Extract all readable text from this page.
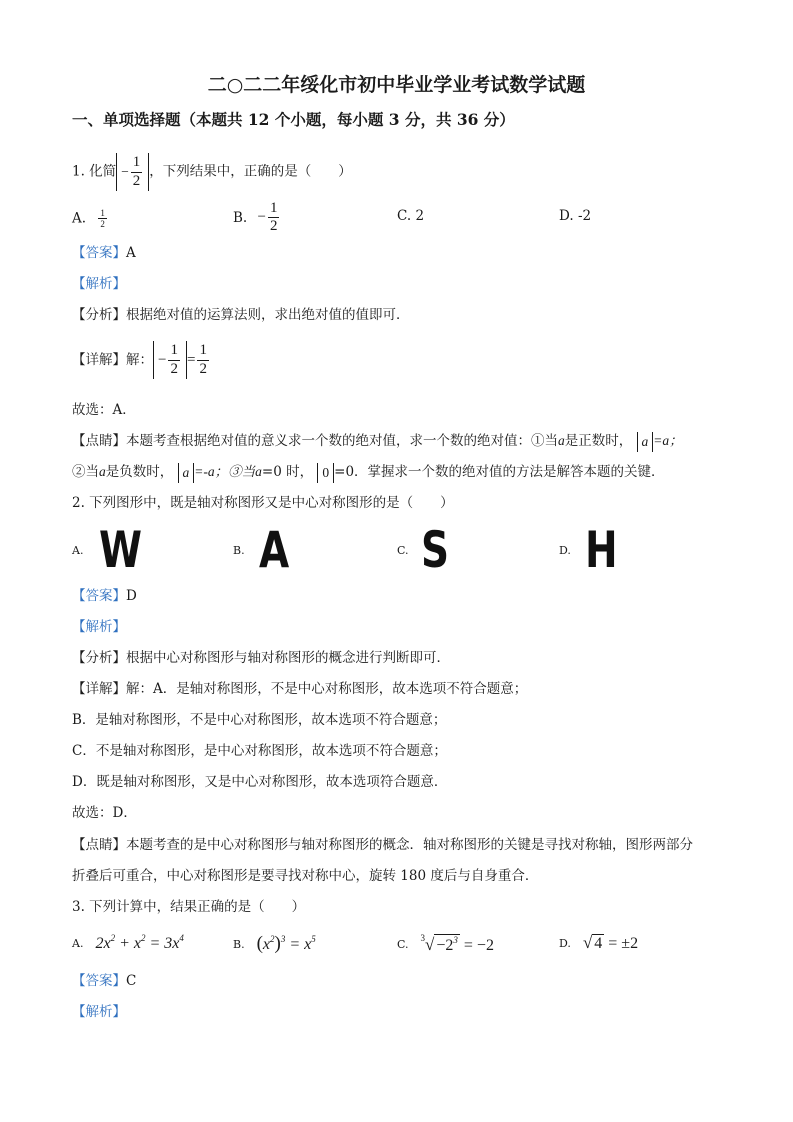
二○二二年绥化市初中毕业学业考试数学试题
一、单项选择题（本题共 12 个小题，每小题 3 分，共 36 分）
1. 化简 − $\frac{1}{2}$ ，下列结果中，正确的是（　　）
A. $\frac{1}{2}$	B. − $\frac{1}{2}$	C. 2	D. -2
【答案】A
【解析】
【分析】根据绝对值的运算法则，求出绝对值的值即可．
【详解】解： − $\frac{1}{2} = \frac{1}{2}$
故选：A．
【点睛】本题考查根据绝对值的意义求一个数的绝对值，求一个数的绝对值：①当a是正数时， a =a；
②当a是负数时， a =-a；③当a=0 时， 0 =0．掌握求一个数的绝对值的方法是解答本题的关键．
2. 下列图形中，既是轴对称图形又是中心对称图形的是（　　）
A. W	B. A	C. S	D. H
【答案】D
【解析】
【分析】根据中心对称图形与轴对称图形的概念进行判断即可．
【详解】解：A．是轴对称图形，不是中心对称图形，故本选项不符合题意；
B．是轴对称图形，不是中心对称图形，故本选项不符合题意；
C．不是轴对称图形，是中心对称图形，故本选项不符合题意；
D．既是轴对称图形，又是中心对称图形，故本选项符合题意．
故选：D．
【点睛】本题考查的是中心对称图形与轴对称图形的概念．轴对称图形的关键是寻找对称轴，图形两部分
折叠后可重合，中心对称图形是要寻找对称中心，旋转 180 度后与自身重合．
3. 下列计算中，结果正确的是（　　）
A. $2x^2 + x^2 = 3x^4$	B. $(x^2)^3 = x^5$	C. $^3√ -2^3 = -2$	D. √ 4 = ±2
【答案】C
【解析】
